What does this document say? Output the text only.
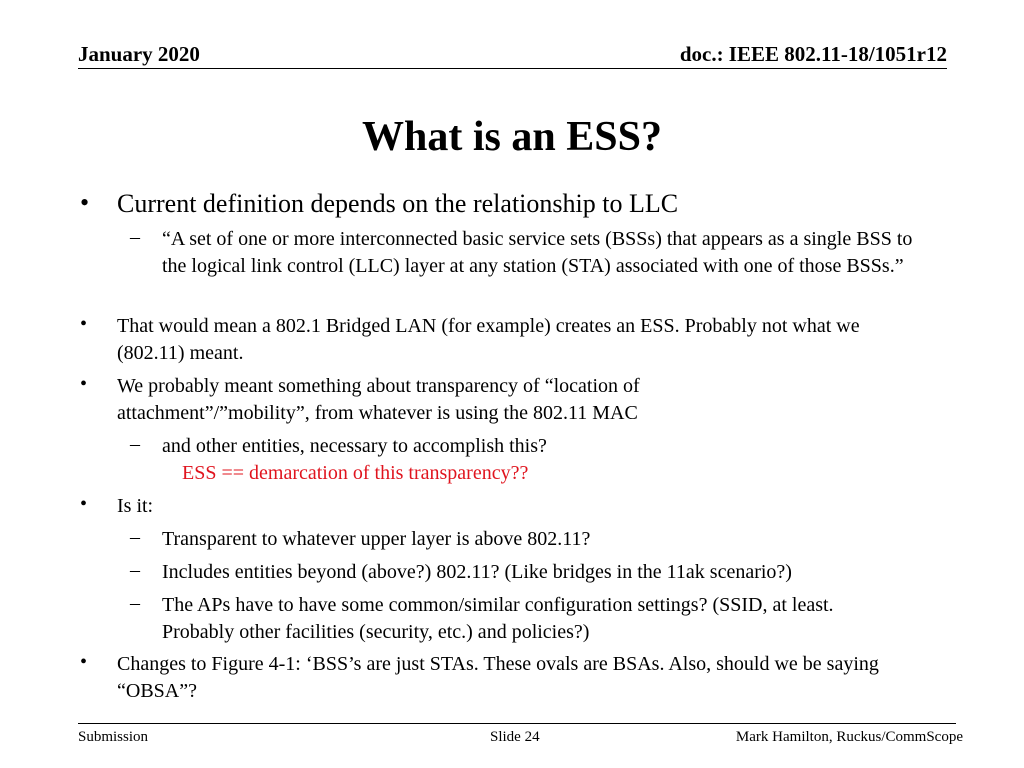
January 2020	doc.: IEEE 802.11-18/1051r12
What is an ESS?
• Current definition depends on the relationship to LLC
– “A set of one or more interconnected basic service sets (BSSs) that appears as a single BSS to the logical link control (LLC) layer at any station (STA) associated with one of those BSSs.”
• That would mean a 802.1 Bridged LAN (for example) creates an ESS. Probably not what we (802.11) meant.
• We probably meant something about transparency of “location of attachment”/”mobility”, from whatever is using the 802.11 MAC
– and other entities, necessary to accomplish this?
ESS == demarcation of this transparency??
• Is it:
– Transparent to whatever upper layer is above 802.11?
– Includes entities beyond (above?) 802.11? (Like bridges in the 11ak scenario?)
– The APs have to have some common/similar configuration settings? (SSID, at least. Probably other facilities (security, etc.) and policies?)
• Changes to Figure 4-1: ‘BSS’s are just STAs. These ovals are BSAs. Also, should we be saying “OBSA”?
Submission	Slide 24	Mark Hamilton, Ruckus/CommScope
